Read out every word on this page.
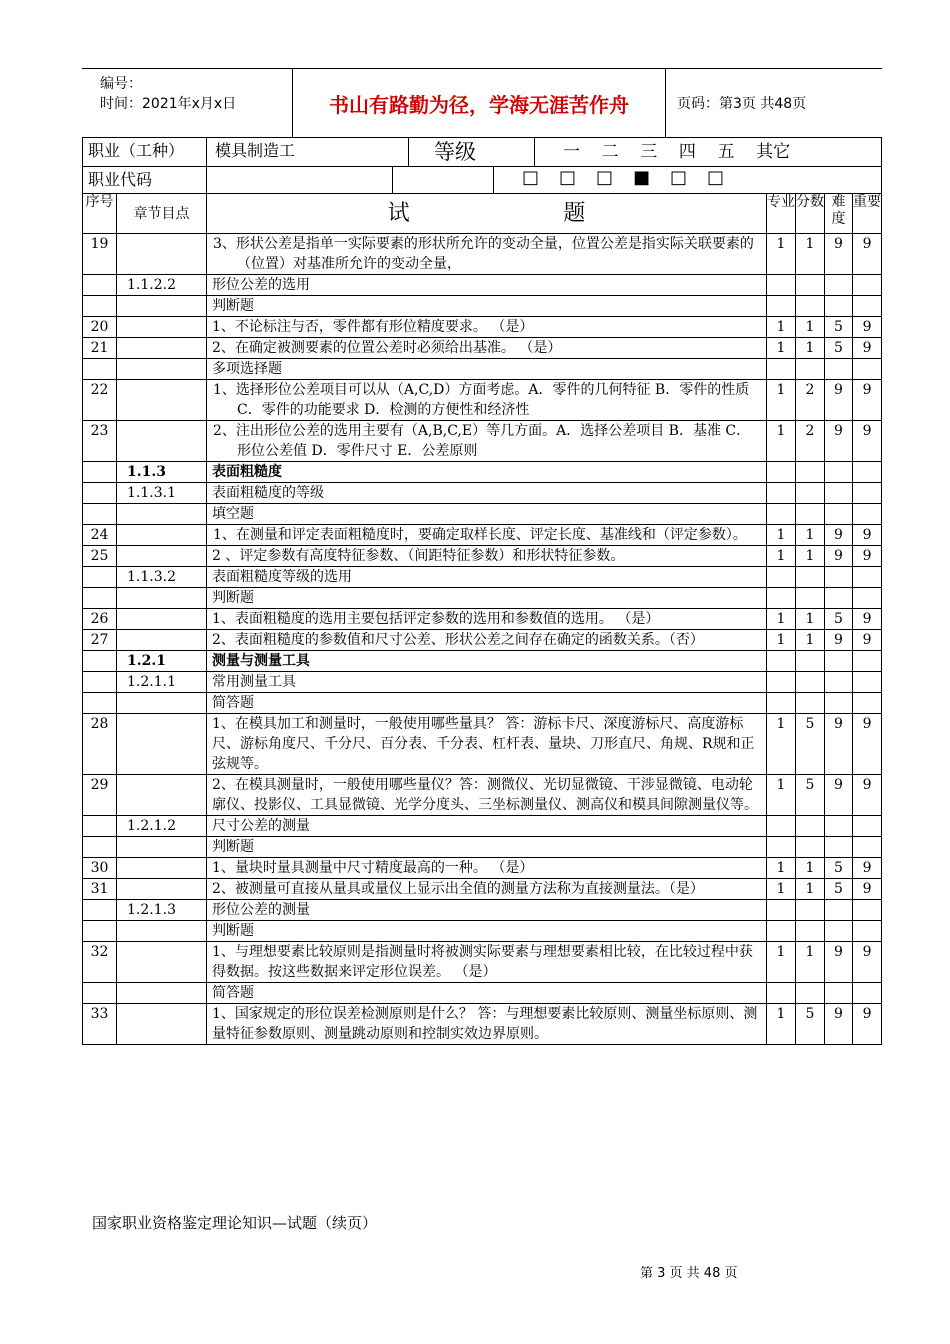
编号：
时间：2021年x月x日	书山有路勤为径，学海无涯苦作舟	页码：第3页 共48页
职业（工种）		模具制造工 等级 一    二    三    四    五    其它				

职业代码		□ □ □ ■ □ □				

序号	章节目点	试                      题	专业	分数	难度	重要
19		3、形状公差是指单一实际要素的形状所允许的变动全量，位置公差是指实际关联要素的（位置）对基准所允许的变动全量，	1	1	9	9
	1.1.2.2	形位公差的选用				
		判断题				
20		1、不论标注与否，零件都有形位精度要求。 （是）	1	1	5	9
21		2、在确定被测要素的位置公差时必须给出基准。 （是）	1	1	5	9
		多项选择题				
22		1、选择形位公差项目可以从（A,C,D）方面考虑。A．零件的几何特征 B．零件的性质 C．零件的功能要求 D．检测的方便性和经济性	1	2	9	9
23		2、注出形位公差的选用主要有（A,B,C,E）等几方面。A．选择公差项目 B．基准 C．形位公差值 D．零件尺寸 E．公差原则	1	2	9	9
	1.1.3	表面粗糙度				
	1.1.3.1	表面粗糙度的等级				
		填空题				
24		1、在测量和评定表面粗糙度时，要确定取样长度、评定长度、基准线和（评定参数）。	1	1	9	9
25		2 、评定参数有高度特征参数、（间距特征参数）和形状特征参数。	1	1	9	9
	1.1.3.2	表面粗糙度等级的选用				
		判断题				
26		1、表面粗糙度的选用主要包括评定参数的选用和参数值的选用。 （是）	1	1	5	9
27		2、表面粗糙度的参数值和尺寸公差、形状公差之间存在确定的函数关系。（否）	1	1	9	9
	1.2.1	测量与测量工具				
	1.2.1.1	常用测量工具				
		简答题				
28		1、在模具加工和测量时，一般使用哪些量具？ 答：游标卡尺、深度游标尺、高度游标尺、游标角度尺、千分尺、百分表、千分表、杠杆表、量块、刀形直尺、角规、R规和正弦规等。	1	5	9	9
29		2、在模具测量时，一般使用哪些量仪？答：测微仪、光切显微镜、干涉显微镜、电动轮廓仪、投影仪、工具显微镜、光学分度头、三坐标测量仪、测高仪和模具间隙测量仪等。	1	5	9	9
	1.2.1.2	尺寸公差的测量				
		判断题				
30		1、量块时量具测量中尺寸精度最高的一种。 （是）	1	1	5	9
31		2、被测量可直接从量具或量仪上显示出全值的测量方法称为直接测量法。（是）	1	1	5	9
	1.2.1.3	形位公差的测量				
		判断题				
32		1、与理想要素比较原则是指测量时将被测实际要素与理想要素相比较，在比较过程中获得数据。按这些数据来评定形位误差。 （是）	1	1	9	9
		简答题				
33		1、国家规定的形位误差检测原则是什么？ 答：与理想要素比较原则、测量坐标原则、测量特征参数原则、测量跳动原则和控制实效边界原则。	1	5	9	9
国家职业资格鉴定理论知识—试题（续页）
第 3 页 共 48 页
